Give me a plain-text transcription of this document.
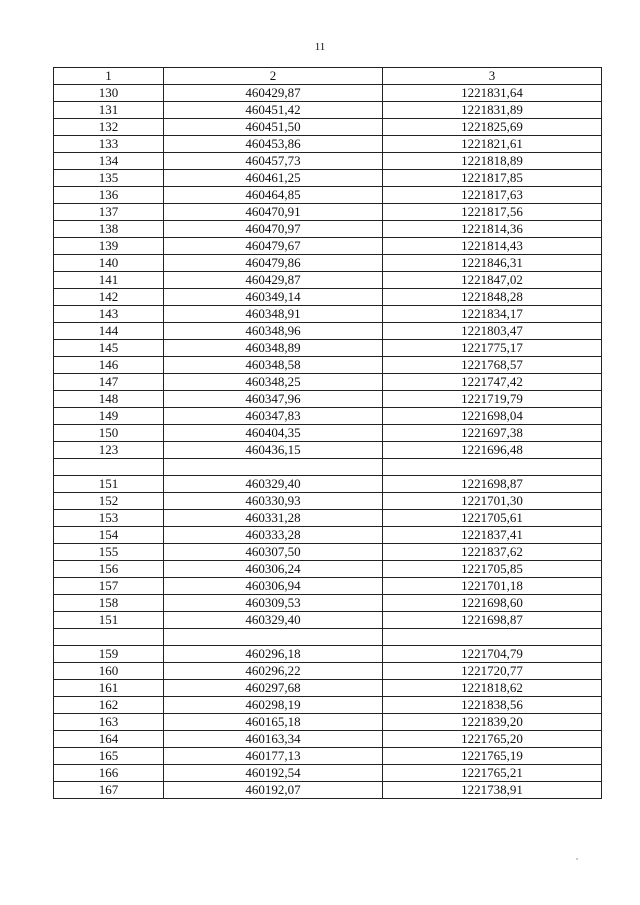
11
1	2	3
130	460429,87	1221831,64
131	460451,42	1221831,89
132	460451,50	1221825,69
133	460453,86	1221821,61
134	460457,73	1221818,89
135	460461,25	1221817,85
136	460464,85	1221817,63
137	460470,91	1221817,56
138	460470,97	1221814,36
139	460479,67	1221814,43
140	460479,86	1221846,31
141	460429,87	1221847,02
142	460349,14	1221848,28
143	460348,91	1221834,17
144	460348,96	1221803,47
145	460348,89	1221775,17
146	460348,58	1221768,57
147	460348,25	1221747,42
148	460347,96	1221719,79
149	460347,83	1221698,04
150	460404,35	1221697,38
123	460436,15	1221696,48

151	460329,40	1221698,87
152	460330,93	1221701,30
153	460331,28	1221705,61
154	460333,28	1221837,41
155	460307,50	1221837,62
156	460306,24	1221705,85
157	460306,94	1221701,18
158	460309,53	1221698,60
151	460329,40	1221698,87

159	460296,18	1221704,79
160	460296,22	1221720,77
161	460297,68	1221818,62
162	460298,19	1221838,56
163	460165,18	1221839,20
164	460163,34	1221765,20
165	460177,13	1221765,19
166	460192,54	1221765,21
167	460192,07	1221738,91
